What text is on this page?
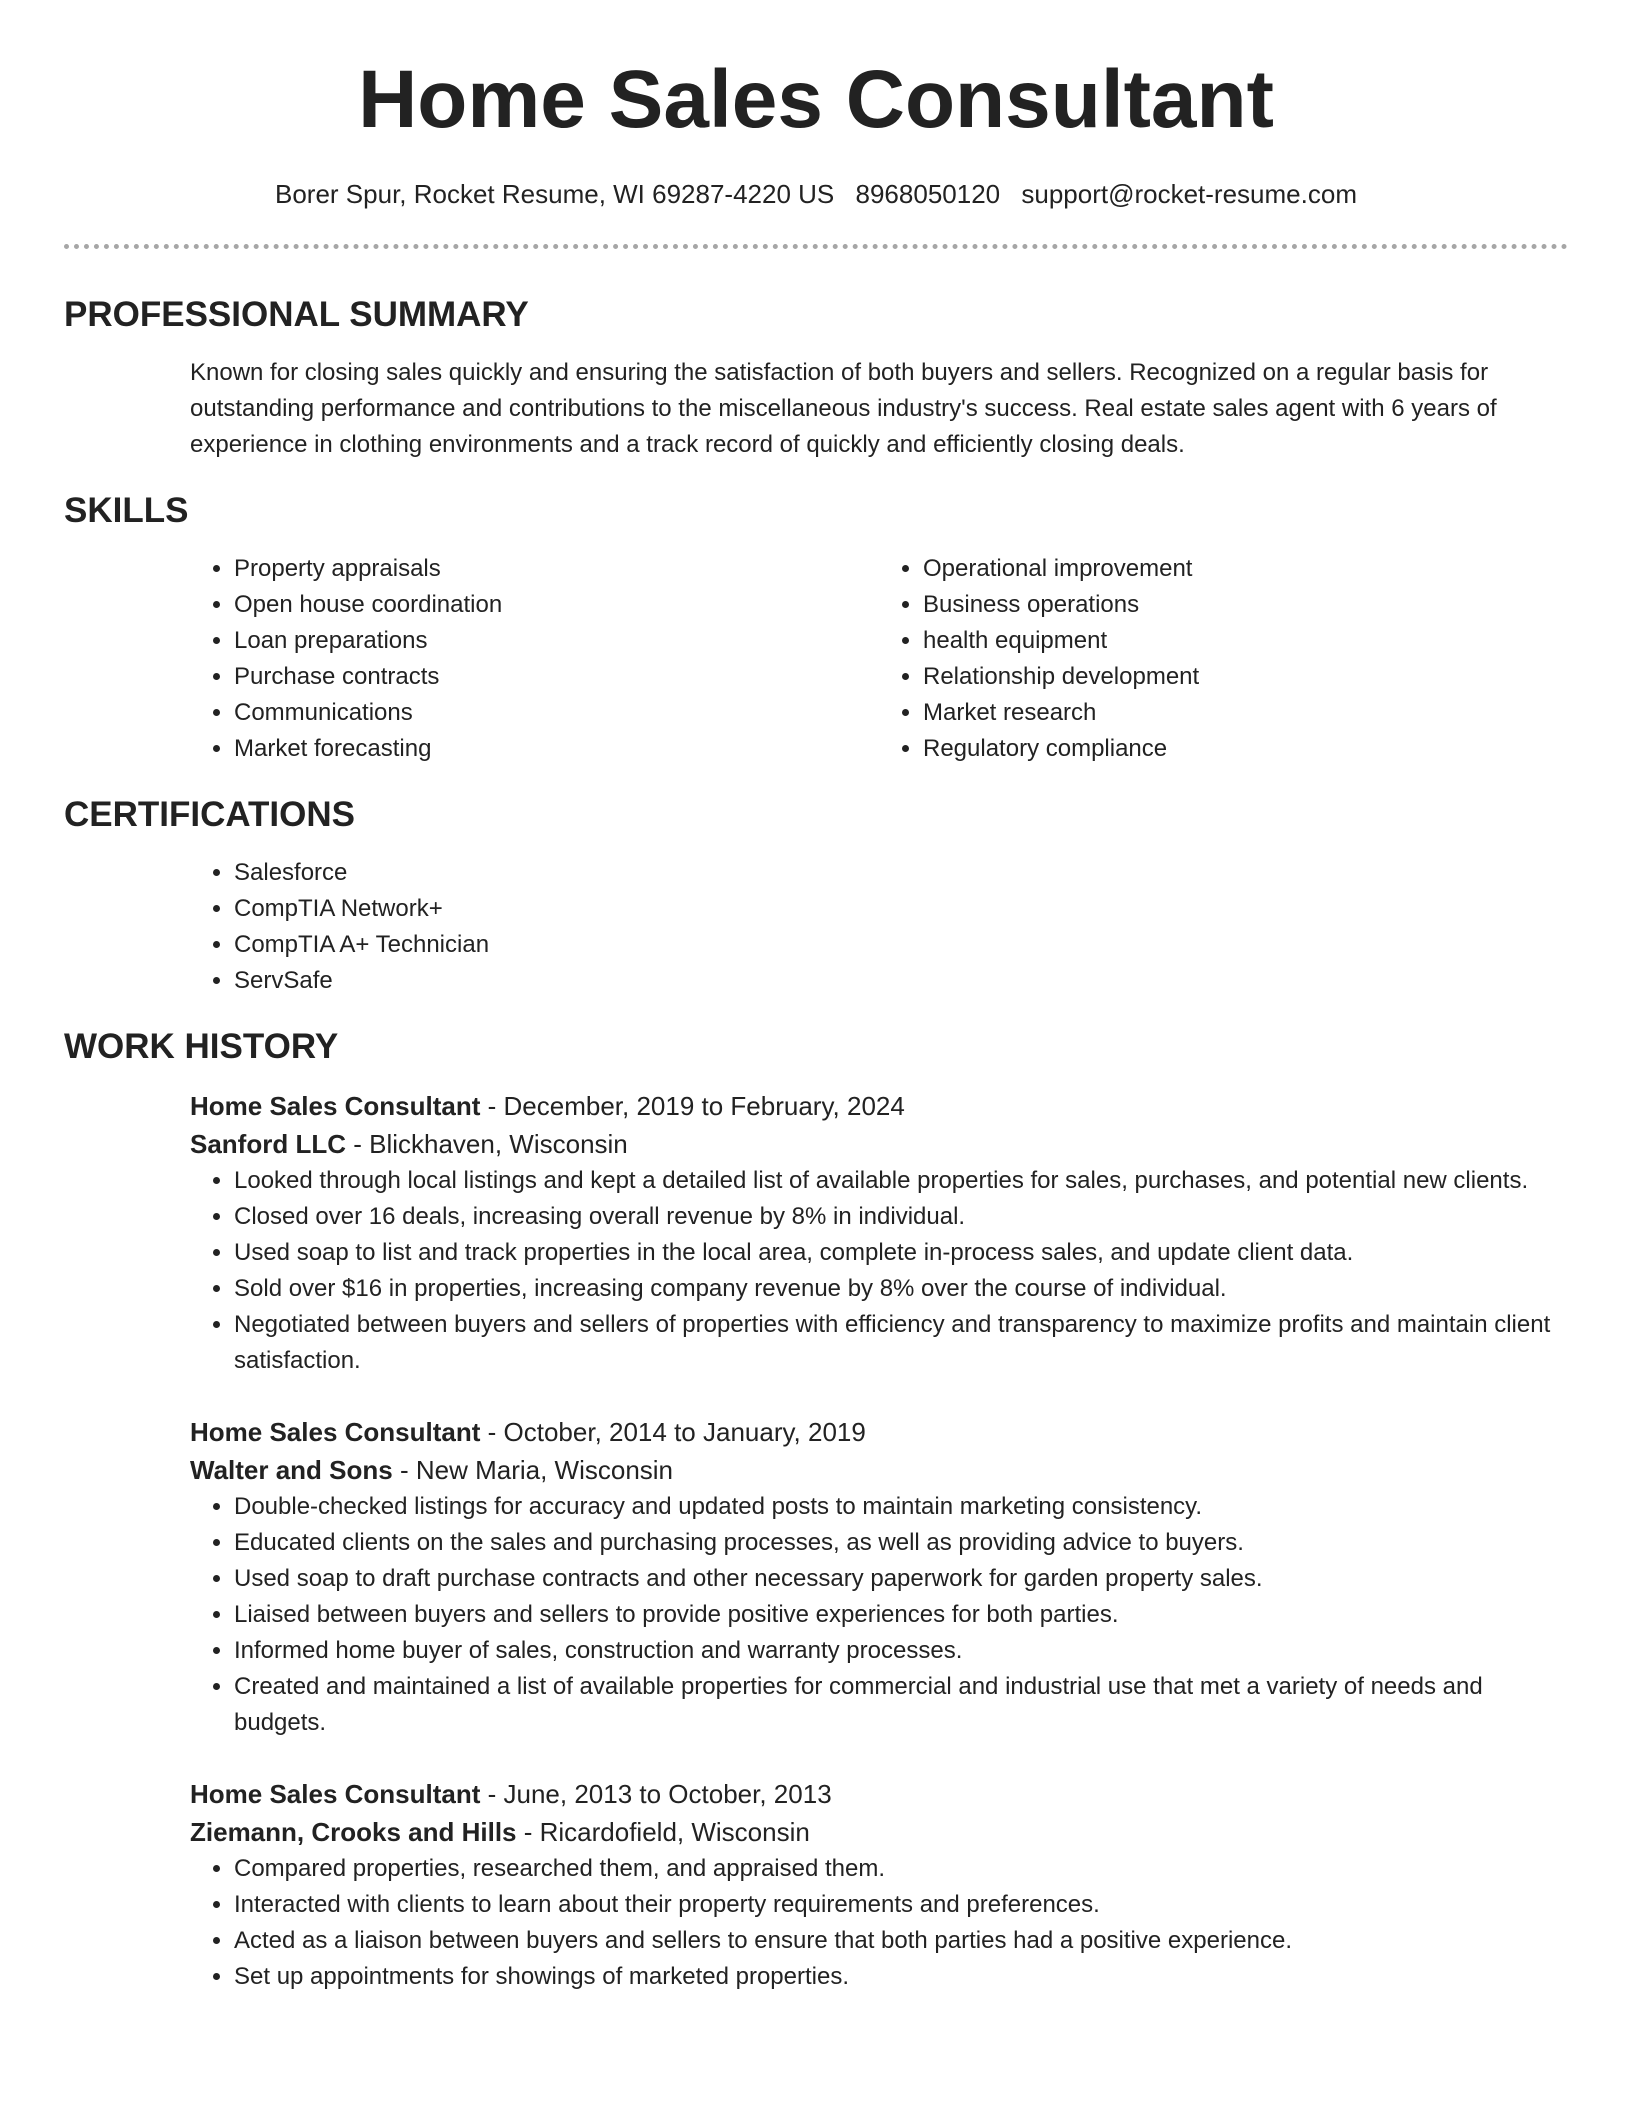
Home Sales Consultant
Borer Spur, Rocket Resume, WI 69287-4220 US 8968050120 support@rocket-resume.com
PROFESSIONAL SUMMARY

Known for closing sales quickly and ensuring the satisfaction of both buyers and sellers. Recognized on a regular basis for outstanding performance and contributions to the miscellaneous industry's success. Real estate sales agent with 6 years of experience in clothing environments and a track record of quickly and efficiently closing deals.

SKILLS
• Property appraisals
• Open house coordination
• Loan preparations
• Purchase contracts
• Communications
• Market forecasting
• Operational improvement
• Business operations
• health equipment
• Relationship development
• Market research
• Regulatory compliance
CERTIFICATIONS
• Salesforce
• CompTIA Network+
• CompTIA A+ Technician
• ServSafe
WORK HISTORY

Home Sales Consultant - December, 2019 to February, 2024

Sanford LLC - Blickhaven, Wisconsin

• Looked through local listings and kept a detailed list of available properties for sales, purchases, and potential new clients.
• Closed over 16 deals, increasing overall revenue by 8% in individual.
• Used soap to list and track properties in the local area, complete in-process sales, and update client data.
• Sold over $16 in properties, increasing company revenue by 8% over the course of individual.
• Negotiated between buyers and sellers of properties with efficiency and transparency to maximize profits and maintain client satisfaction.

Home Sales Consultant - October, 2014 to January, 2019

Walter and Sons - New Maria, Wisconsin

• Double-checked listings for accuracy and updated posts to maintain marketing consistency.
• Educated clients on the sales and purchasing processes, as well as providing advice to buyers.
• Used soap to draft purchase contracts and other necessary paperwork for garden property sales.
• Liaised between buyers and sellers to provide positive experiences for both parties.
• Informed home buyer of sales, construction and warranty processes.
• Created and maintained a list of available properties for commercial and industrial use that met a variety of needs and budgets.

Home Sales Consultant - June, 2013 to October, 2013

Ziemann, Crooks and Hills - Ricardofield, Wisconsin

• Compared properties, researched them, and appraised them.
• Interacted with clients to learn about their property requirements and preferences.
• Acted as a liaison between buyers and sellers to ensure that both parties had a positive experience.
• Set up appointments for showings of marketed properties.
